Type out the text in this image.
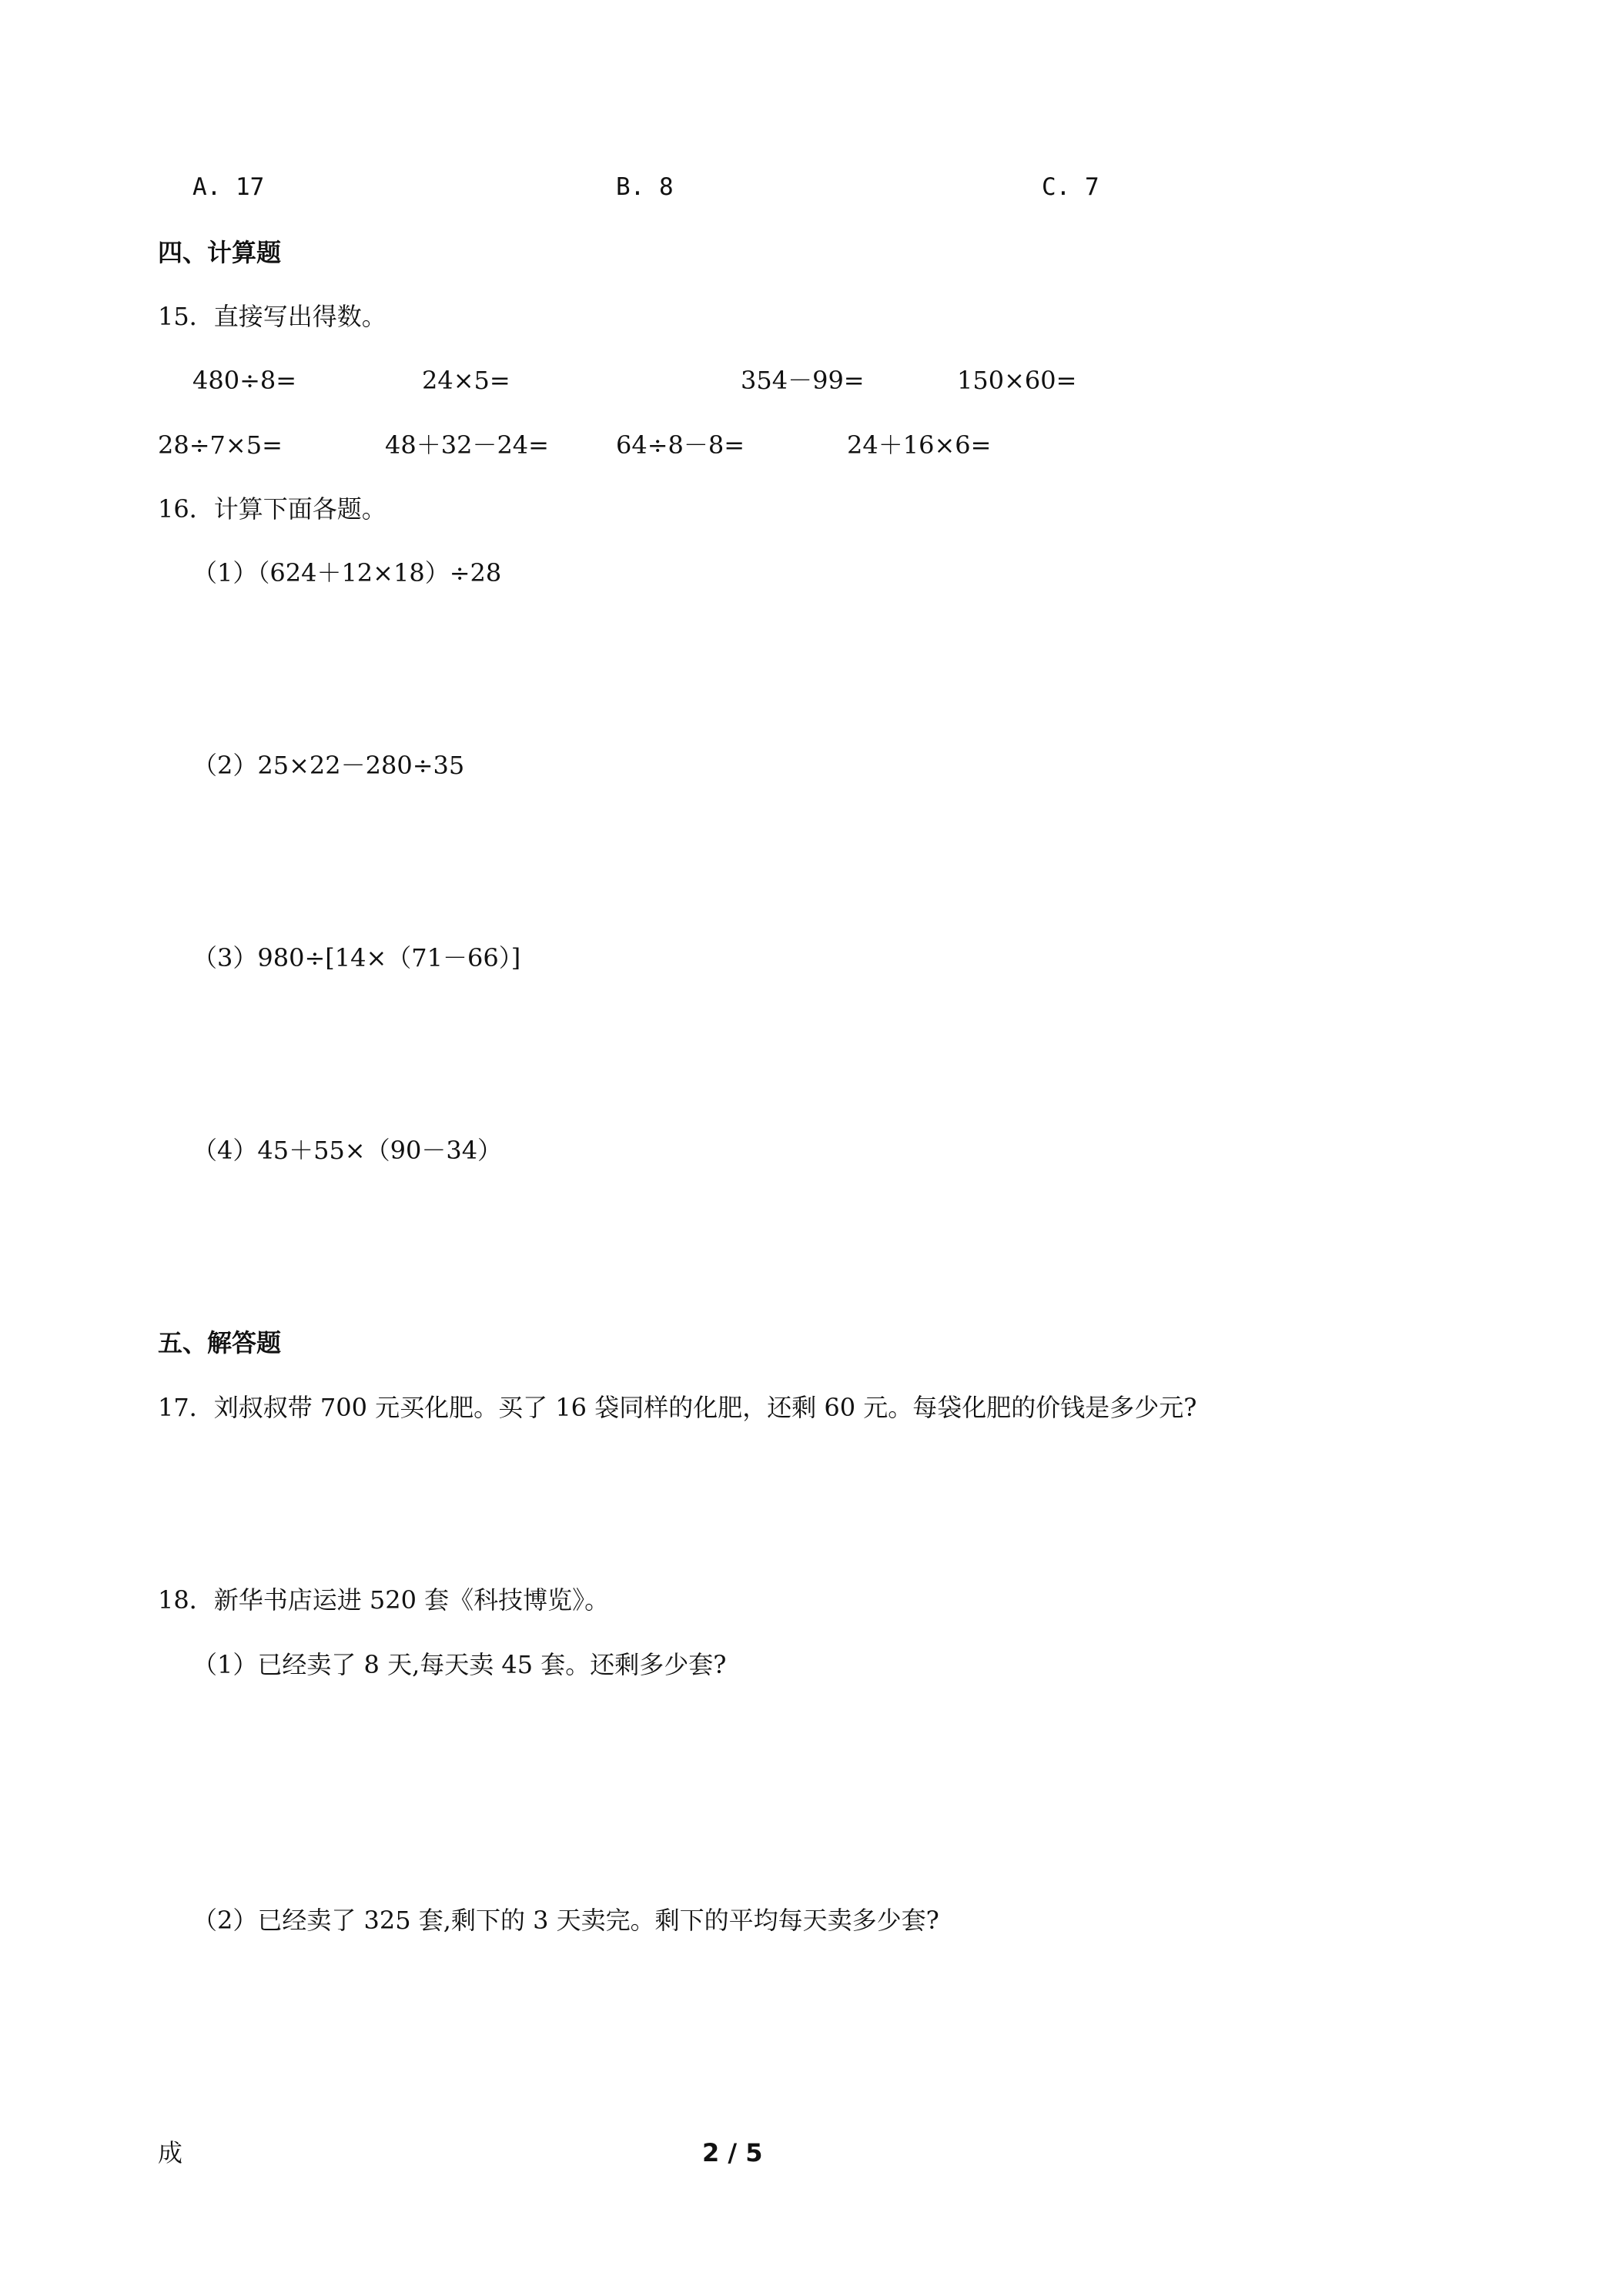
A. 17	B. 8	C. 7
四、计算题
15．直接写出得数。
480÷8=	24×5=	354－99=	150×60=
28÷7×5=	48＋32－24=	64÷8－8=	24＋16×6=
16．计算下面各题。
（1）（624＋12×18）÷28
（2）25×22－280÷35
（3）980÷[14×（71－66）]
（4）45＋55×（90－34）
五、解答题
17．刘叔叔带 700 元买化肥。买了 16 袋同样的化肥，还剩 60 元。每袋化肥的价钱是多少元?
18．新华书店运进 520 套《科技博览》。
（1）已经卖了 8 天,每天卖 45 套。还剩多少套?
（2）已经卖了 325 套,剩下的 3 天卖完。剩下的平均每天卖多少套?
成	2 / 5
